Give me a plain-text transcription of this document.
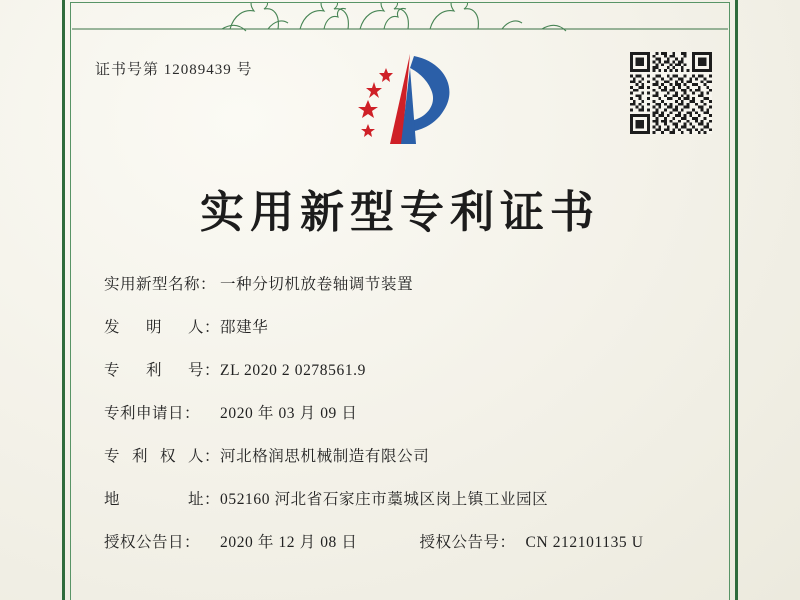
证书号第 12089439 号
实用新型专利证书
实用新型名称： 一种分切机放卷轴调节装置
发 明 人： 邵建华
专 利 号： ZL 2020 2 0278561.9
专利申请日：	2020 年 03 月 09 日
专 利 权 人： 河北格润思机械制造有限公司
地	址： 052160 河北省石家庄市藁城区岗上镇工业园区
授权公告日：	2020 年 12 月 08 日	授权公告号： CN 212101135 U
